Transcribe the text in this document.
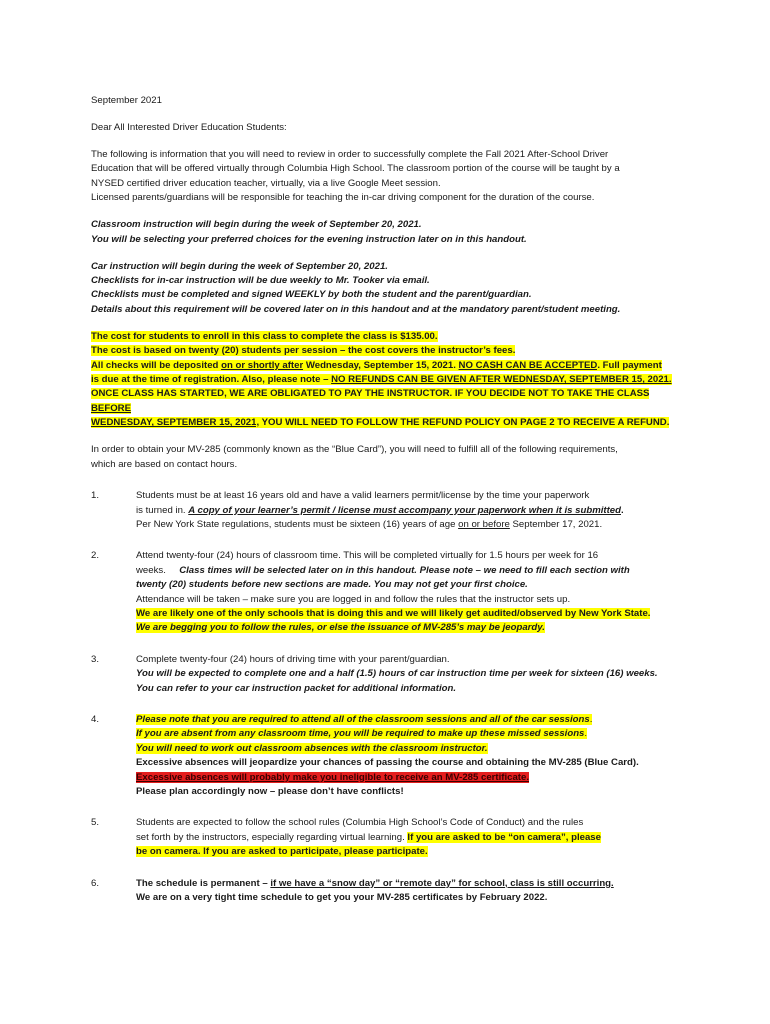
September 2021

Dear All Interested Driver Education Students:

The following is information that you will need to review in order to successfully complete the Fall 2021 After-School Driver
Education that will be offered virtually through Columbia High School. The classroom portion of the course will be taught by a
NYSED certified driver education teacher, virtually, via a live Google Meet session.
Licensed parents/guardians will be responsible for teaching the in-car driving component for the duration of the course.

Classroom instruction will begin during the week of September 20, 2021.
You will be selecting your preferred choices for the evening instruction later on in this handout.

Car instruction will begin during the week of September 20, 2021.
Checklists for in-car instruction will be due weekly to Mr. Tooker via email.
Checklists must be completed and signed WEEKLY by both the student and the parent/guardian.
Details about this requirement will be covered later on in this handout and at the mandatory parent/student meeting.

The cost for students to enroll in this class to complete the class is $135.00.
The cost is based on twenty (20) students per session – the cost covers the instructor’s fees.
All checks will be deposited on or shortly after Wednesday, September 15, 2021. NO CASH CAN BE ACCEPTED. Full payment
is due at the time of registration. Also, please note – NO REFUNDS CAN BE GIVEN AFTER WEDNESDAY, SEPTEMBER 15, 2021.
ONCE CLASS HAS STARTED, WE ARE OBLIGATED TO PAY THE INSTRUCTOR. IF YOU DECIDE NOT TO TAKE THE CLASS BEFORE
WEDNESDAY, SEPTEMBER 15, 2021, YOU WILL NEED TO FOLLOW THE REFUND POLICY ON PAGE 2 TO RECEIVE A REFUND.

In order to obtain your MV-285 (commonly known as the “Blue Card”), you will need to fulfill all of the following requirements,
which are based on contact hours.

1.	Students must be at least 16 years old and have a valid learners permit/license by the time your paperwork
is turned in. A copy of your learner’s permit / license must accompany your paperwork when it is submitted.
Per New York State regulations, students must be sixteen (16) years of age on or before September 17, 2021.
2.	Attend twenty-four (24) hours of classroom time. This will be completed virtually for 1.5 hours per week for 16
weeks.     Class times will be selected later on in this handout. Please note – we need to fill each section with
twenty (20) students before new sections are made. You may not get your first choice.
Attendance will be taken – make sure you are logged in and follow the rules that the instructor sets up.
We are likely one of the only schools that is doing this and we will likely get audited/observed by New York State.
We are begging you to follow the rules, or else the issuance of MV-285’s may be jeopardy.
3.	Complete twenty-four (24) hours of driving time with your parent/guardian.
You will be expected to complete one and a half (1.5) hours of car instruction time per week for sixteen (16) weeks.
You can refer to your car instruction packet for additional information.
4.	Please note that you are required to attend all of the classroom sessions and all of the car sessions.
If you are absent from any classroom time, you will be required to make up these missed sessions.
You will need to work out classroom absences with the classroom instructor.
Excessive absences will jeopardize your chances of passing the course and obtaining the MV-285 (Blue Card).
Excessive absences will probably make you ineligible to receive an MV-285 certificate.
Please plan accordingly now – please don’t have conflicts!
5.	Students are expected to follow the school rules (Columbia High School’s Code of Conduct) and the rules
set forth by the instructors, especially regarding virtual learning. If you are asked to be “on camera”, please
be on camera. If you are asked to participate, please participate.
6.	The schedule is permanent – if we have a “snow day” or “remote day” for school, class is still occurring.
We are on a very tight time schedule to get you your MV-285 certificates by February 2022.
